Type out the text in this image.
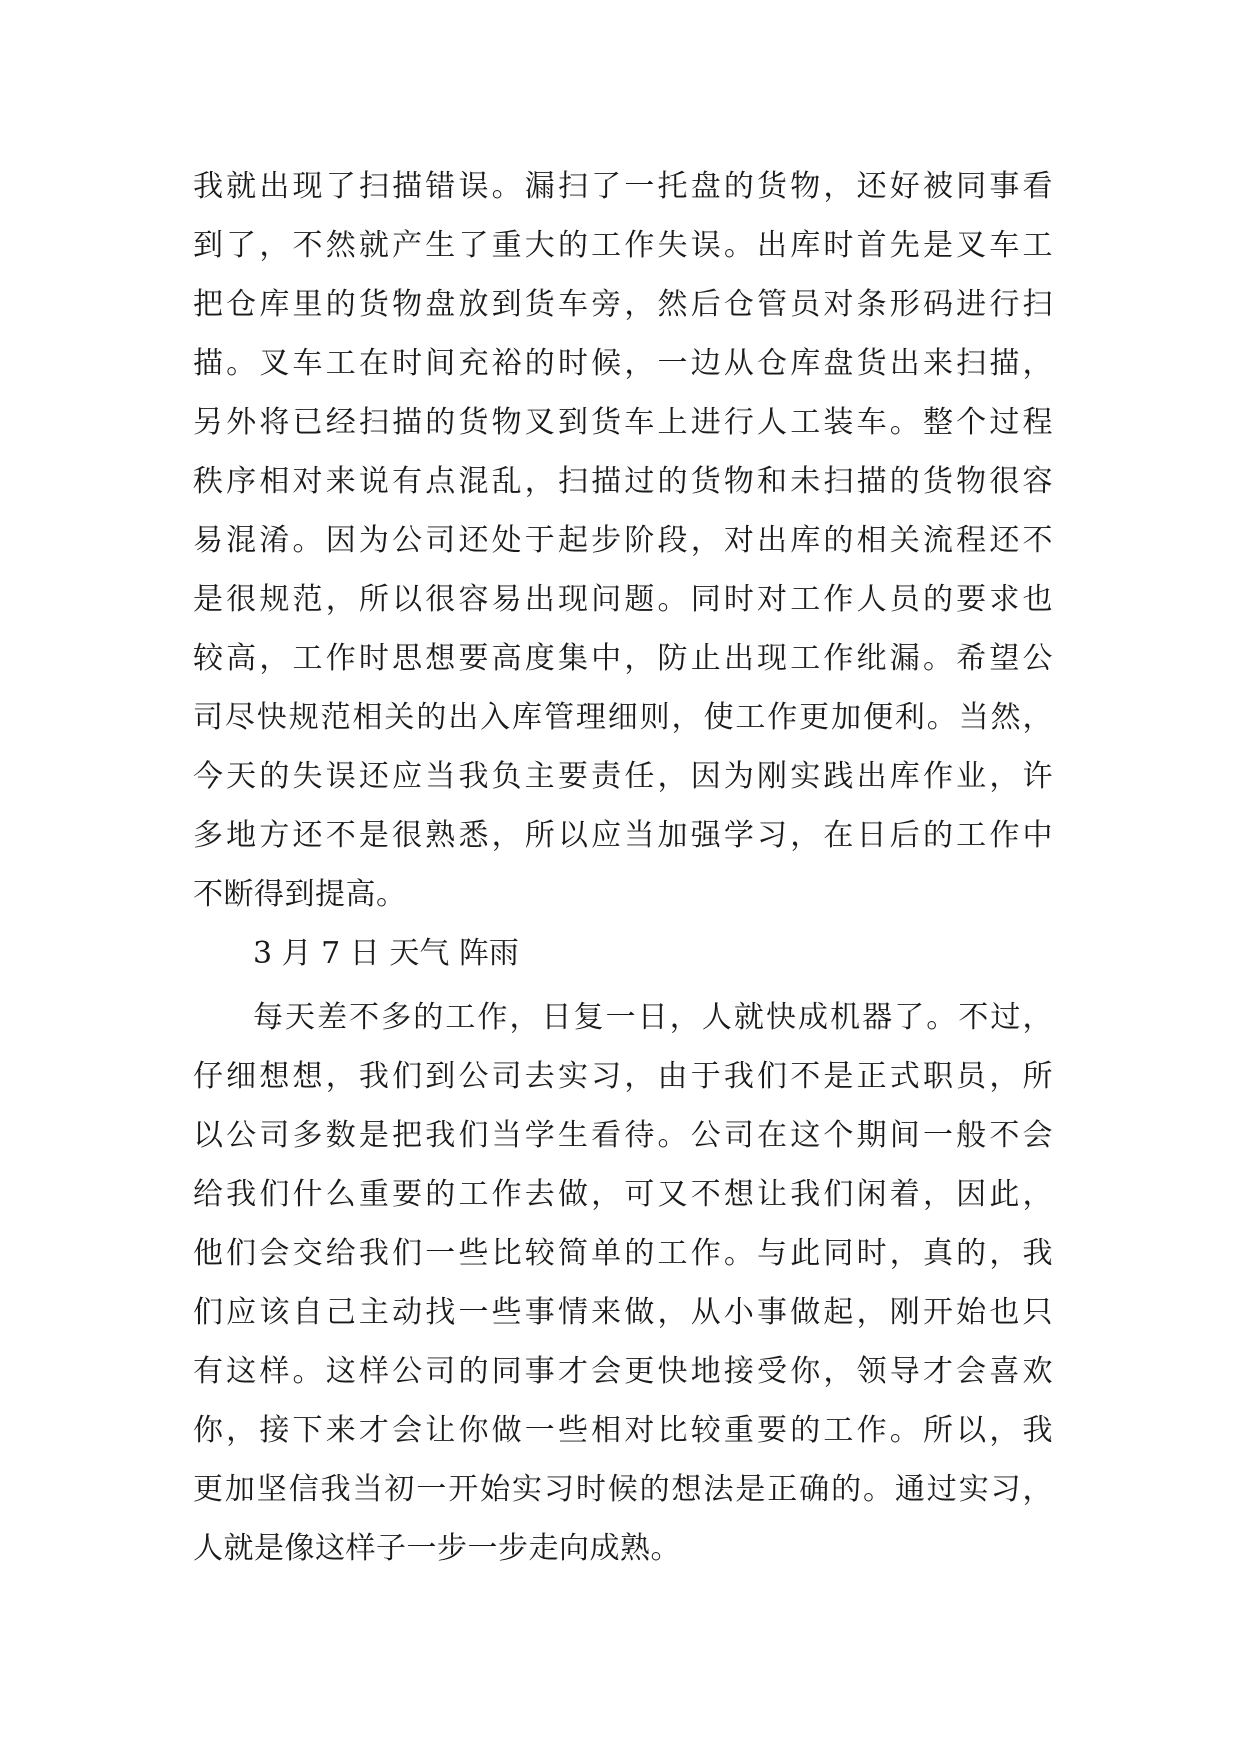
我就出现了扫描错误。漏扫了一托盘的货物，还好被同事看
到了，不然就产生了重大的工作失误。出库时首先是叉车工
把仓库里的货物盘放到货车旁，然后仓管员对条形码进行扫
描。叉车工在时间充裕的时候，一边从仓库盘货出来扫描，
另外将已经扫描的货物叉到货车上进行人工装车。整个过程
秩序相对来说有点混乱，扫描过的货物和未扫描的货物很容
易混淆。因为公司还处于起步阶段，对出库的相关流程还不
是很规范，所以很容易出现问题。同时对工作人员的要求也
较高，工作时思想要高度集中，防止出现工作纰漏。希望公
司尽快规范相关的出入库管理细则，使工作更加便利。当然，
今天的失误还应当我负主要责任，因为刚实践出库作业，许
多地方还不是很熟悉，所以应当加强学习，在日后的工作中
不断得到提高。
3 月 7 日 天气 阵雨
每天差不多的工作，日复一日，人就快成机器了。不过，
仔细想想，我们到公司去实习，由于我们不是正式职员，所
以公司多数是把我们当学生看待。公司在这个期间一般不会
给我们什么重要的工作去做，可又不想让我们闲着，因此，
他们会交给我们一些比较简单的工作。与此同时，真的，我
们应该自己主动找一些事情来做，从小事做起，刚开始也只
有这样。这样公司的同事才会更快地接受你，领导才会喜欢
你，接下来才会让你做一些相对比较重要的工作。所以，我
更加坚信我当初一开始实习时候的想法是正确的。通过实习，
人就是像这样子一步一步走向成熟。
